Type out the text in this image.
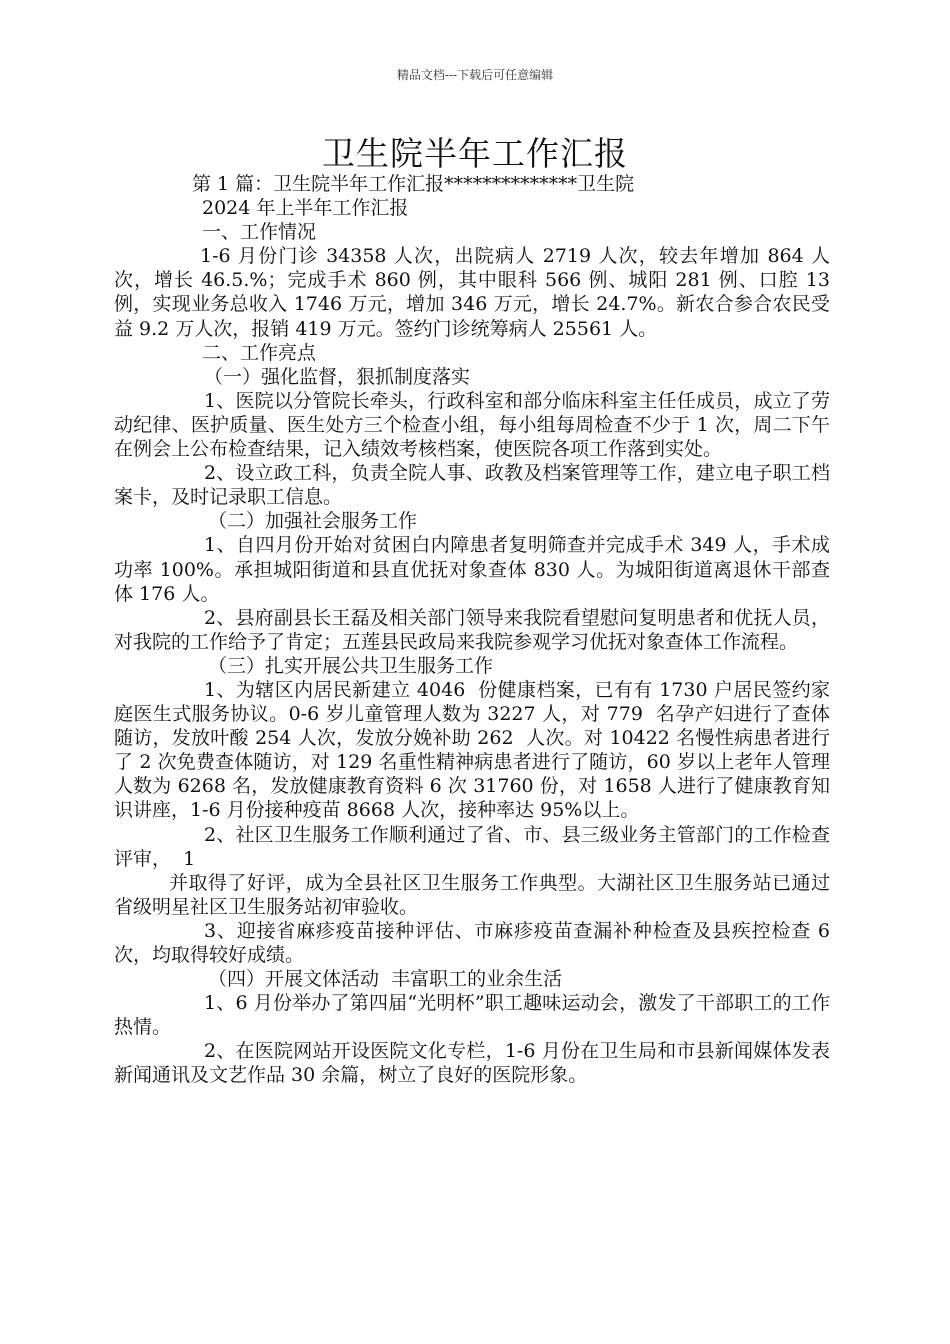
精品文档---下载后可任意编辑
卫生院半年工作汇报

第 1 篇：卫生院半年工作汇报**************卫生院

2024 年上半年工作汇报

一、工作情况

1-6 月份门诊 34358 人次，出院病人 2719 人次，较去年增加 864 人次，增长 46.5.%；完成手术 860 例，其中眼科 566 例、城阳 281 例、口腔 13 例，实现业务总收入 1746 万元，增加 346 万元，增长 24.7%。新农合参合农民受益 9.2 万人次，报销 419 万元。签约门诊统筹病人 25561 人。

二、工作亮点

（一）强化监督，狠抓制度落实

1、医院以分管院长牵头，行政科室和部分临床科室主任任成员，成立了劳动纪律、医护质量、医生处方三个检查小组，每小组每周检查不少于 1 次，周二下午在例会上公布检查结果，记入绩效考核档案，使医院各项工作落到实处。

2、设立政工科，负责全院人事、政教及档案管理等工作，建立电子职工档案卡，及时记录职工信息。

（二）加强社会服务工作

1、自四月份开始对贫困白内障患者复明筛查并完成手术 349 人，手术成功率 100%。承担城阳街道和县直优抚对象查体 830 人。为城阳街道离退休干部查体 176 人。

2、县府副县长王磊及相关部门领导来我院看望慰问复明患者和优抚人员，对我院的工作给予了肯定；五莲县民政局来我院参观学习优抚对象查体工作流程。

（三）扎实开展公共卫生服务工作

1、为辖区内居民新建立 4046  份健康档案，已有有 1730 户居民签约家庭医生式服务协议。0-6 岁儿童管理人数为 3227 人，对 779  名孕产妇进行了查体随访，发放叶酸 254 人次，发放分娩补助 262  人次。对 10422 名慢性病患者进行了 2 次免费查体随访，对 129 名重性精神病患者进行了随访，60 岁以上老年人管理人数为 6268 名，发放健康教育资料 6 次 31760 份，对 1658 人进行了健康教育知识讲座，1-6 月份接种疫苗 8668 人次，接种率达 95%以上。

2、社区卫生服务工作顺利通过了省、市、县三级业务主管部门的工作检查评审，  1

并取得了好评，成为全县社区卫生服务工作典型。大湖社区卫生服务站已通过省级明星社区卫生服务站初审验收。

3、迎接省麻疹疫苗接种评估、市麻疹疫苗查漏补种检查及县疾控检查 6 次，均取得较好成绩。

（四）开展文体活动  丰富职工的业余生活

1、6 月份举办了第四届“光明杯”职工趣味运动会，激发了干部职工的工作热情。

2、在医院网站开设医院文化专栏，1-6 月份在卫生局和市县新闻媒体发表新闻通讯及文艺作品 30 余篇，树立了良好的医院形象。
